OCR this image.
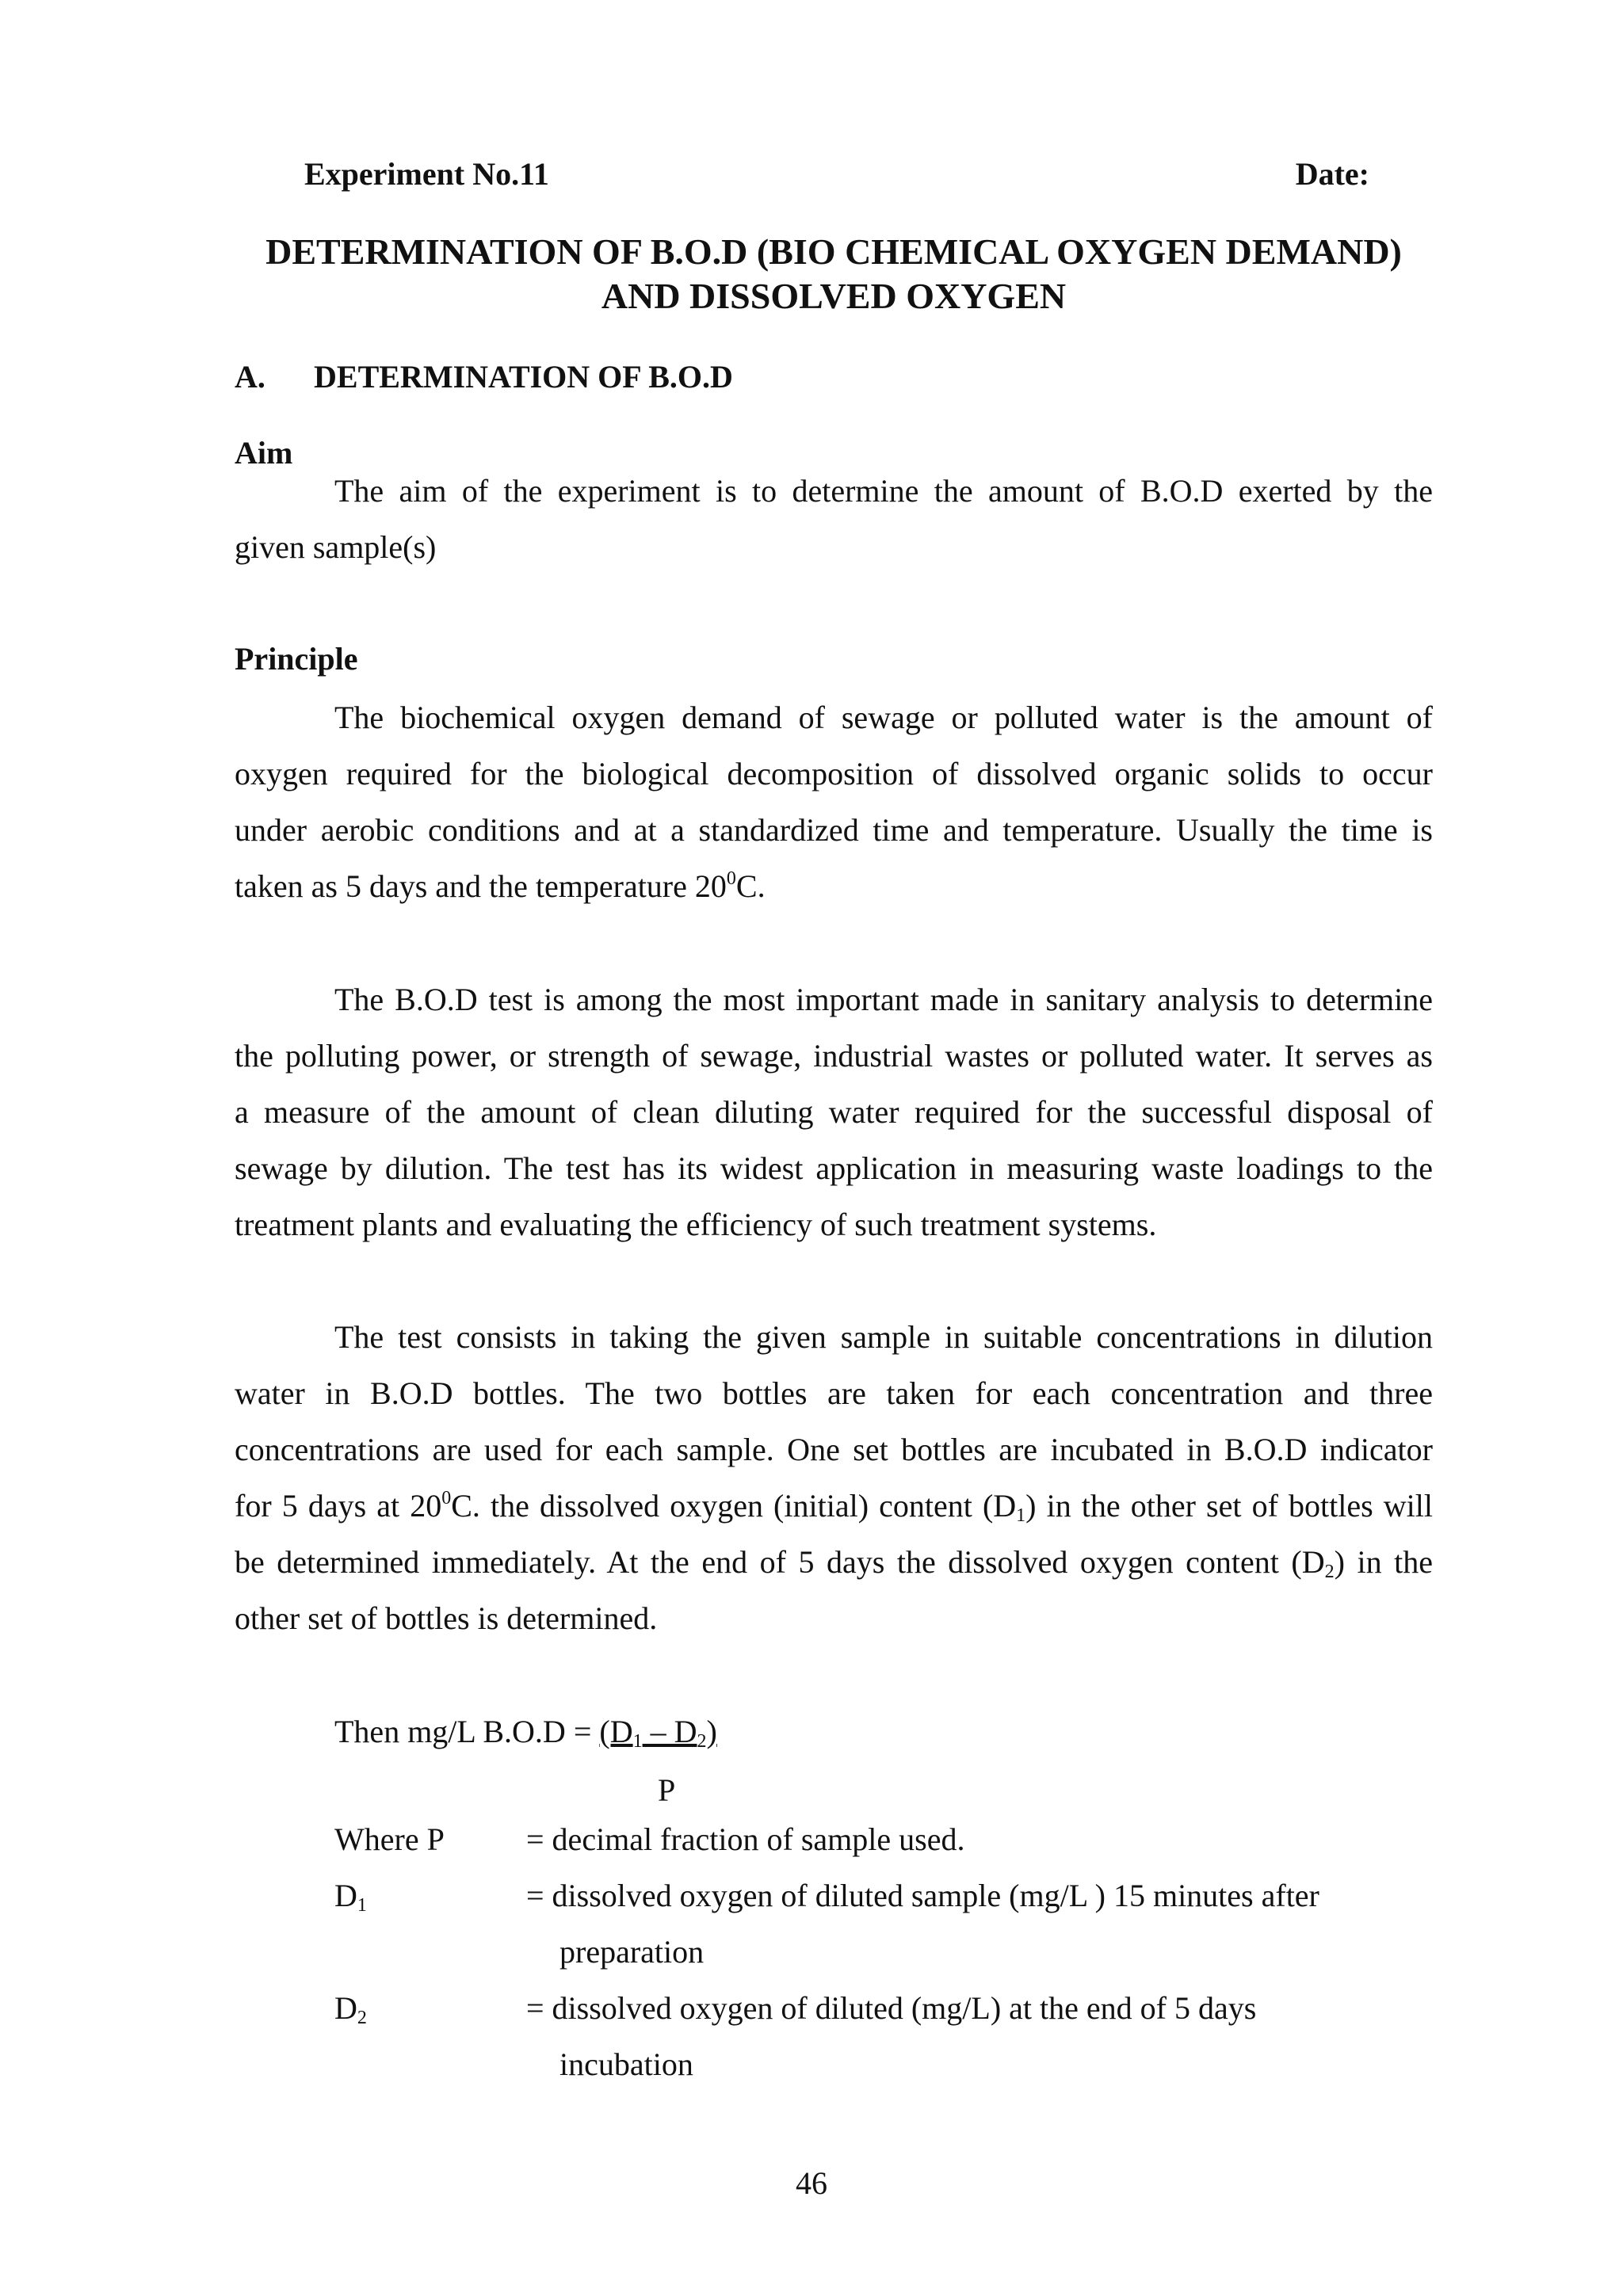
Experiment No.11	Date:
DETERMINATION OF B.O.D (BIO CHEMICAL OXYGEN DEMAND)
AND DISSOLVED OXYGEN
A. DETERMINATION OF B.O.D
Aim
The aim of the experiment is to determine the amount of B.O.D exerted by the
given sample(s)
Principle
The biochemical oxygen demand of sewage or polluted water is the amount of
oxygen required for the biological decomposition of dissolved organic solids to occur
under aerobic conditions and at a standardized time and temperature. Usually the time is
taken as 5 days and the temperature $20^0C$.
The B.O.D test is among the most important made in sanitary analysis to determine
the polluting power, or strength of sewage, industrial wastes or polluted water. It serves as
a measure of the amount of clean diluting water required for the successful disposal of
sewage by dilution. The test has its widest application in measuring waste loadings to the
treatment plants and evaluating the efficiency of such treatment systems.
The test consists in taking the given sample in suitable concentrations in dilution
water in B.O.D bottles. The two bottles are taken for each concentration and three
concentrations are used for each sample. One set bottles are incubated in B.O.D indicator
for 5 days at $20^0C$. the dissolved oxygen (initial) content $(D_1)$ in the other set of bottles will
be determined immediately. At the end of 5 days the dissolved oxygen content $(D_2)$ in the
other set of bottles is determined.
Then mg/L $B.O.D = (D_1 - D_2)$
P
Where P	= decimal fraction of sample used.
$D_1$	= dissolved oxygen of diluted sample (mg/L ) 15 minutes after
preparation
$D_2$	= dissolved oxygen of diluted (mg/L) at the end of 5 days
incubation
46
